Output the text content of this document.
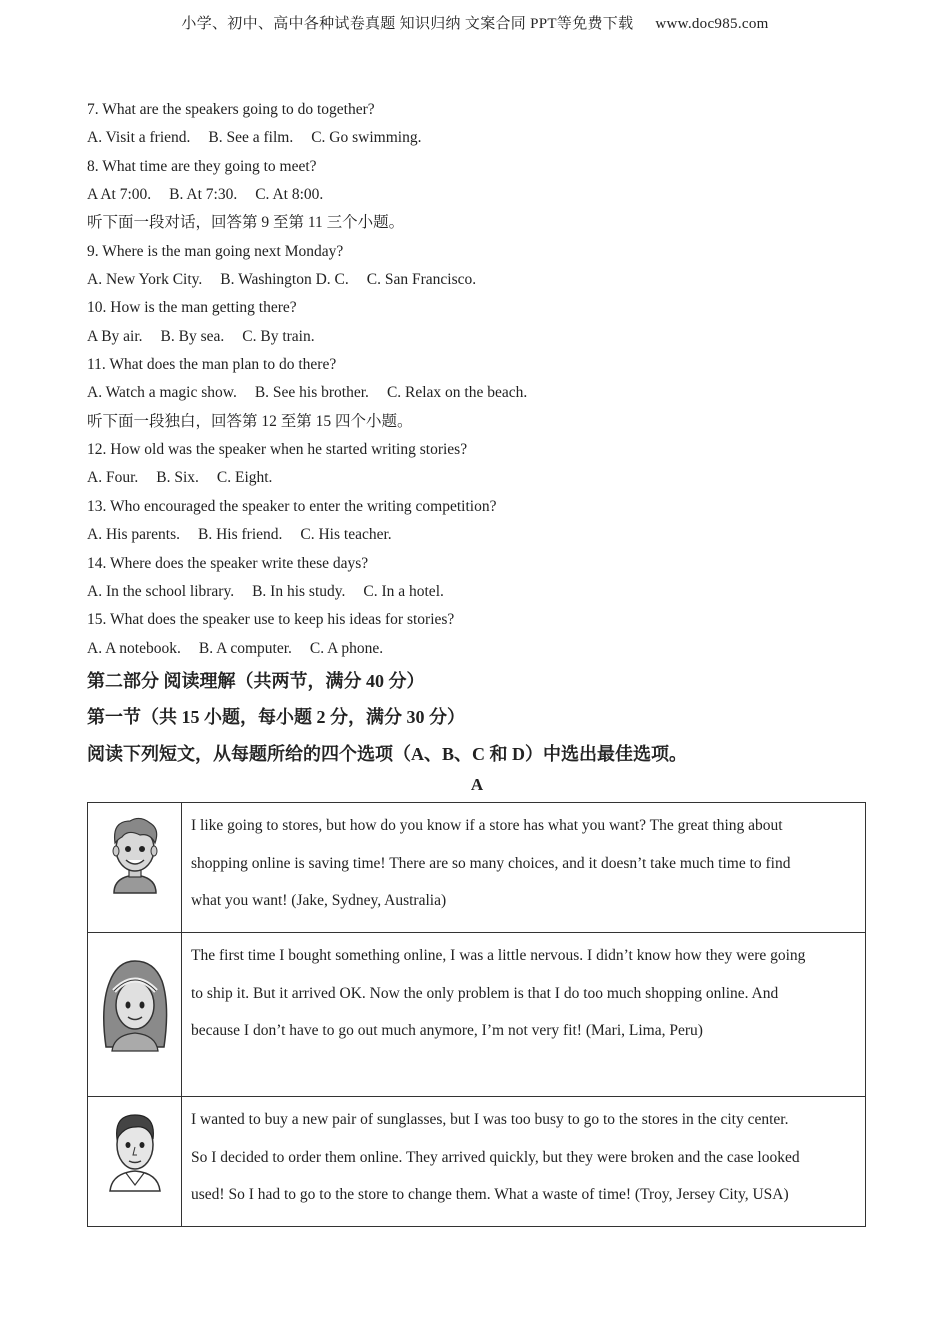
小学、初中、高中各种试卷真题 知识归纳 文案合同 PPT等免费下载 www.doc985.com
7. What are the speakers going to do together?
A. Visit a friend. B. See a film. C. Go swimming.
8. What time are they going to meet?
A At 7:00. B. At 7:30. C. At 8:00.
听下面一段对话，回答第 9 至第 11 三个小题。
9. Where is the man going next Monday?
A. New York City. B. Washington D. C. C. San Francisco.
10. How is the man getting there?
A By air. B. By sea. C. By train.
11. What does the man plan to do there?
A. Watch a magic show. B. See his brother. C. Relax on the beach.
听下面一段独白，回答第 12 至第 15 四个小题。
12. How old was the speaker when he started writing stories?
A. Four. B. Six. C. Eight.
13. Who encouraged the speaker to enter the writing competition?
A. His parents. B. His friend. C. His teacher.
14. Where does the speaker write these days?
A. In the school library. B. In his study. C. In a hotel.
15. What does the speaker use to keep his ideas for stories?
A. A notebook. B. A computer. C. A phone.
第二部分 阅读理解（共两节，满分 40 分）
第一节（共 15 小题，每小题 2 分，满分 30 分）
阅读下列短文，从每题所给的四个选项（A、B、C 和 D）中选出最佳选项。
A

I like going to stores, but how do you know if a store has what you want? The great thing about
shopping online is saving time! There are so many choices, and it doesn’t take much time to find
what you want! (Jake, Sydney, Australia)

The first time I bought something online, I was a little nervous. I didn’t know how they were going
to ship it. But it arrived OK. Now the only problem is that I do too much shopping online. And
because I don’t have to go out much anymore, I’m not very fit! (Mari, Lima, Peru)

I wanted to buy a new pair of sunglasses, but I was too busy to go to the stores in the city center.
So I decided to order them online. They arrived quickly, but they were broken and the case looked
used! So I had to go to the store to change them. What a waste of time! (Troy, Jersey City, USA)
